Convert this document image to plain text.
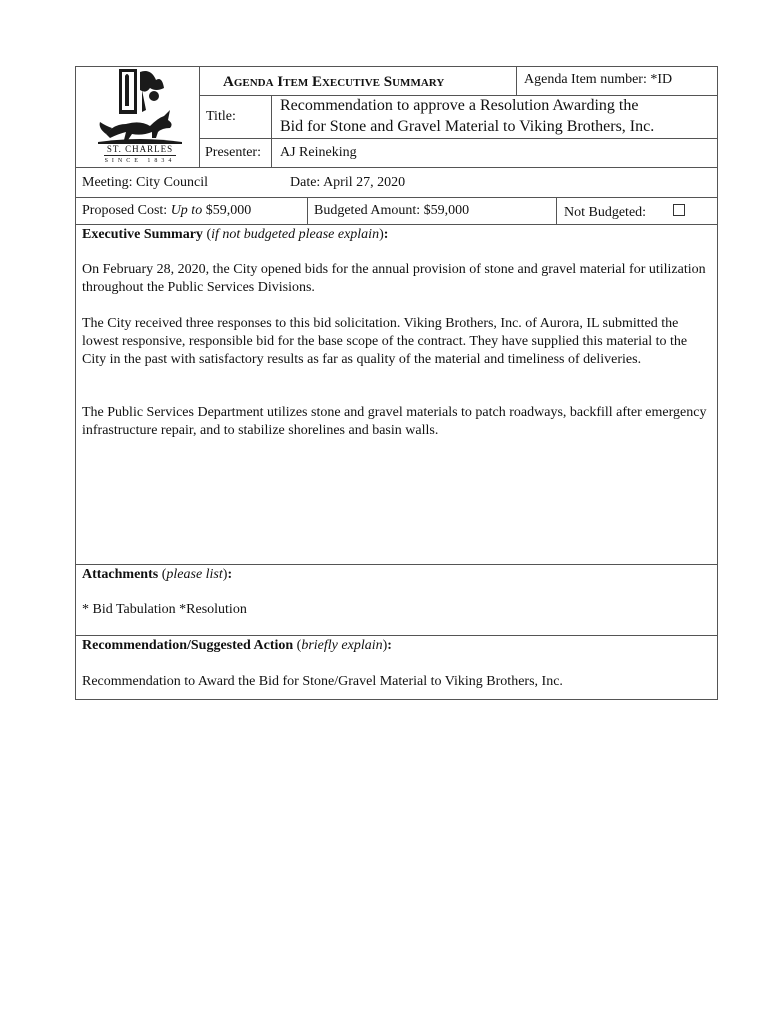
ST. CHARLES
SINCE 1834
Agenda Item Executive Summary	Agenda Item number: *ID
Title:
Recommendation to approve a Resolution Awarding the
Bid for Stone and Gravel Material to Viking Brothers, Inc.
Presenter: AJ Reineking
Meeting: City Council	Date: April 27, 2020
Proposed Cost: Up to $59,000	Budgeted Amount: $59,000	Not Budgeted:
Executive Summary (if not budgeted please explain):
On February 28, 2020, the City opened bids for the annual provision of stone and gravel material for utilization throughout the Public Services Divisions.
The City received three responses to this bid solicitation. Viking Brothers, Inc. of Aurora, IL submitted the lowest responsive, responsible bid for the base scope of the contract. They have supplied this material to the City in the past with satisfactory results as far as quality of the material and timeliness of deliveries.
The Public Services Department utilizes stone and gravel materials to patch roadways, backfill after emergency infrastructure repair, and to stabilize shorelines and basin walls.
Attachments (please list):
* Bid Tabulation *Resolution
Recommendation/Suggested Action (briefly explain):
Recommendation to Award the Bid for Stone/Gravel Material to Viking Brothers, Inc.
